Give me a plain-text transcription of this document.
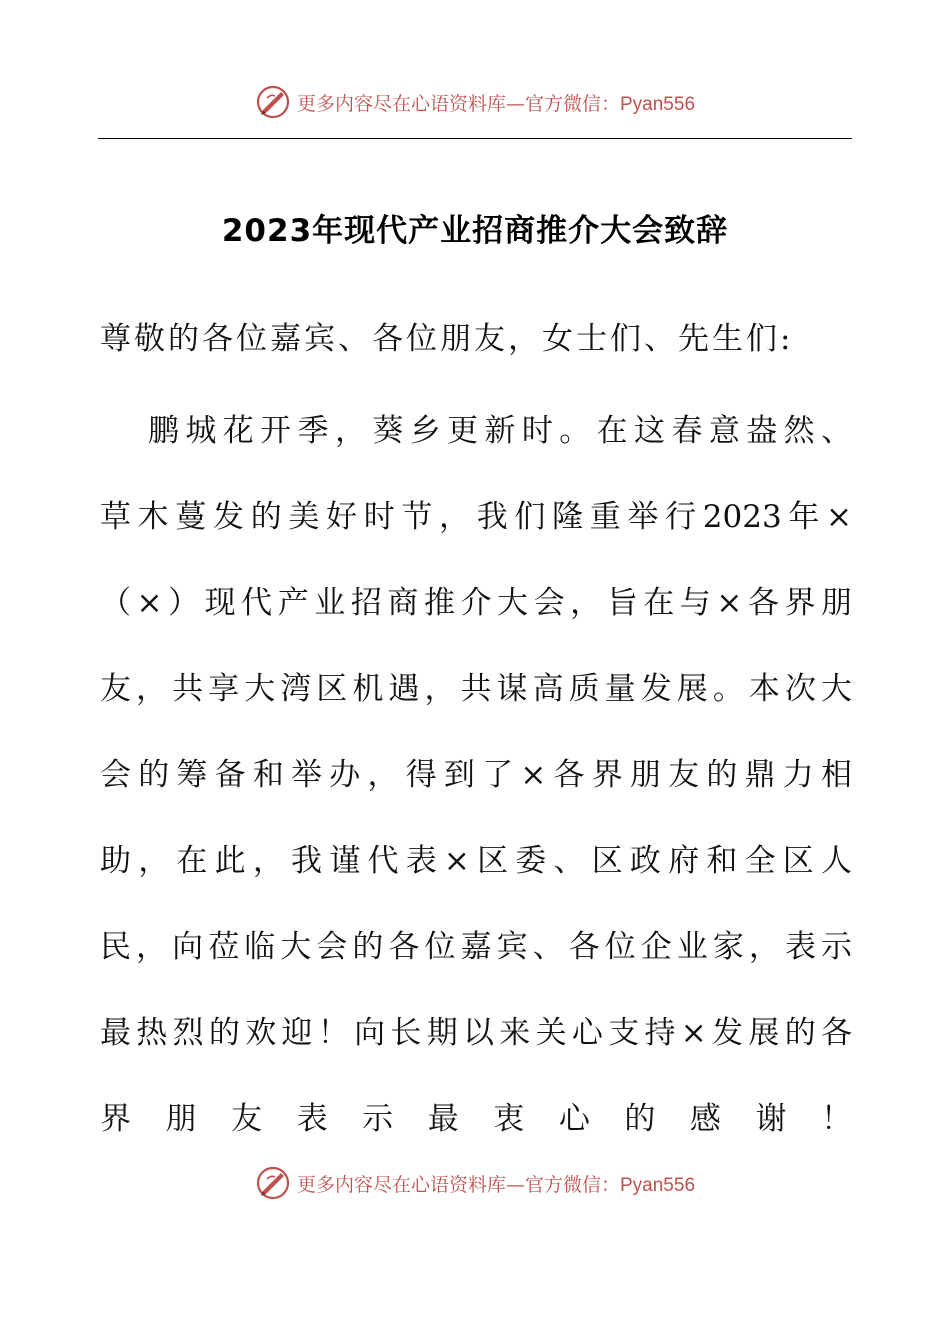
更多内容尽在心语资料库—官方微信：Pyan556
2023年现代产业招商推介大会致辞
尊敬的各位嘉宾、各位朋友，女士们、先生们:
鹏城花开季，葵乡更新时。在这春意盎然、
草木蔓发的美好时节，我们隆重举行2023年×
（×）现代产业招商推介大会，旨在与×各界朋
友，共享大湾区机遇，共谋高质量发展。本次大
会的筹备和举办，得到了×各界朋友的鼎力相
助，在此，我谨代表×区委、区政府和全区人
民，向莅临大会的各位嘉宾、各位企业家，表示
最热烈的欢迎！向长期以来关心支持×发展的各
界朋友表示最衷心的感谢！
更多内容尽在心语资料库—官方微信：Pyan556
